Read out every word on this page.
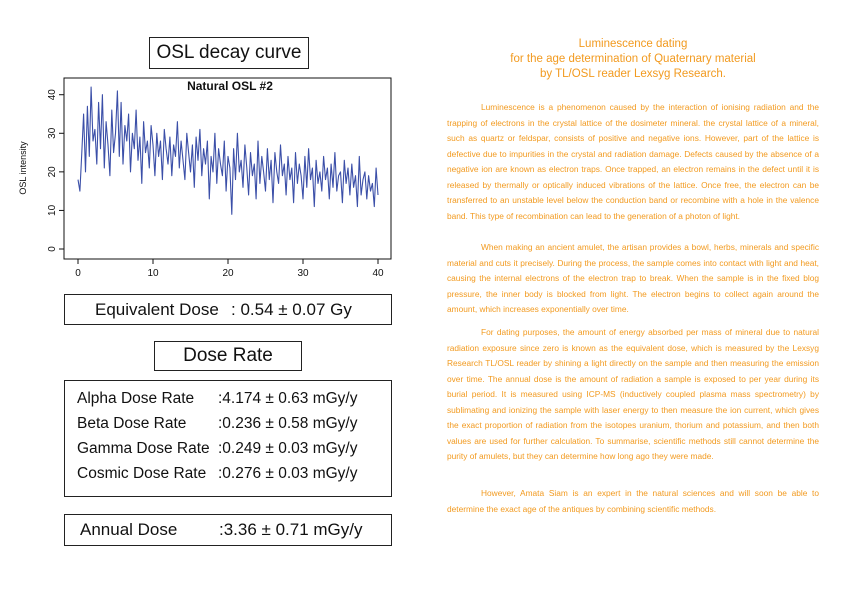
OSL decay curve
Natural OSL #2
0	10	20	30	40
0
10
20
30
40
OSL intensity
Equivalent Dose : 0.54 ± 0.07 Gy
Dose Rate
Alpha Dose Rate :4.174 ± 0.63 mGy/y
Beta Dose Rate :0.236 ± 0.58 mGy/y
Gamma Dose Rate :0.249 ± 0.03 mGy/y
Cosmic Dose Rate :0.276 ± 0.03 mGy/y
Annual Dose :3.36 ± 0.71 mGy/y
Luminescence dating
for the age determination of Quaternary material
by TL/OSL reader Lexsyg Research.
Luminescence is a phenomenon caused by the interaction of ionising radiation and the trapping of electrons in the crystal lattice of the dosimeter mineral. the crystal lattice of a mineral, such as quartz or feldspar, consists of positive and negative ions. However, part of the lattice is defective due to impurities in the crystal and radiation damage. Defects caused by the absence of a negative ion are known as electron traps. Once trapped, an electron remains in the defect until it is released by thermally or optically induced vibrations of the lattice. Once free, the electron can be transferred to an unstable level below the conduction band or recombine with a hole in the valence band. This type of recombination can lead to the generation of a photon of light.
When making an ancient amulet, the artisan provides a bowl, herbs, minerals and specific material and cuts it precisely. During the process, the sample comes into contact with light and heat, causing the internal electrons of the electron trap to break. When the sample is in the fixed blog pressure, the inner body is blocked from light. The electron begins to collect again around the amount, which increases exponentially over time.
For dating purposes, the amount of energy absorbed per mass of mineral due to natural radiation exposure since zero is known as the equivalent dose, which is measured by the Lexsyg Research TL/OSL reader by shining a light directly on the sample and then measuring the emission over time. The annual dose is the amount of radiation a sample is exposed to per year during its burial period. It is measured using ICP-MS (inductively coupled plasma mass spectrometry) by sublimating and ionizing the sample with laser energy to then measure the ion current, which gives the exact proportion of radiation from the isotopes uranium, thorium and potassium, and then both values are used for further calculation. To summarise, scientific methods still cannot determine the purity of amulets, but they can determine how long ago they were made.
However, Amata Siam is an expert in the natural sciences and will soon be able to determine the exact age of the antiques by combining scientific methods.
